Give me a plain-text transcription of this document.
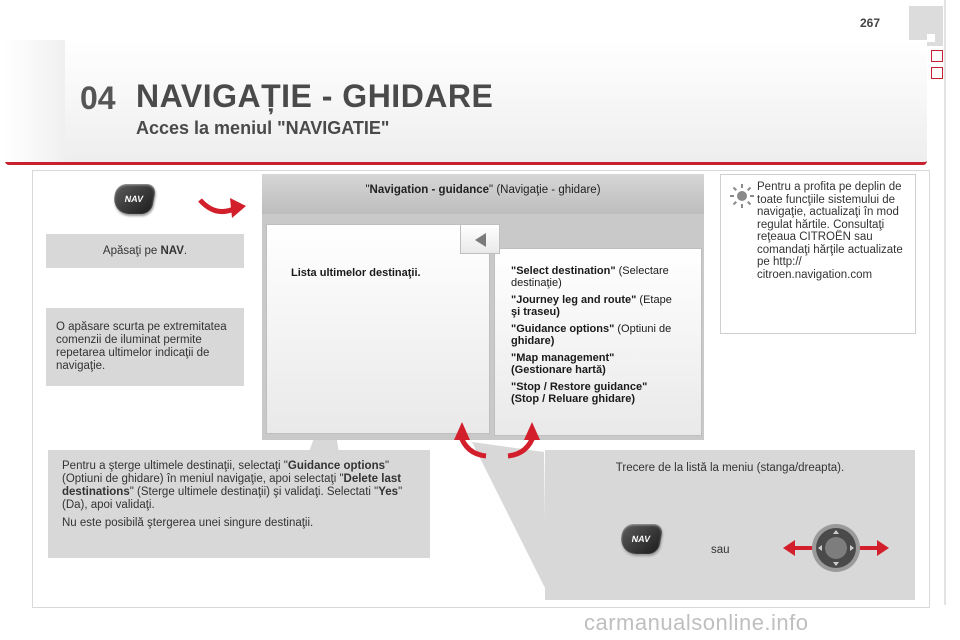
267
04 NAVIGAȚIE - GHIDARE
Acces la meniul "NAVIGATIE"
NAV
Apăsaţi pe NAV.
O apăsare scurta pe extremitatea comenzii de iluminat permite repetarea ultimelor indicaţii de navigaţie.
"Navigation - guidance" (Navigaţie - ghidare)
Lista ultimelor destinaţii.	"Select destination" (Selectare
destinaţie)
"Journey leg and route" (Etape
şi traseu)
"Guidance options" (Optiuni de
ghidare)
"Map management"
(Gestionare hartă)
"Stop / Restore guidance"
(Stop / Reluare ghidare)
Pentru a profita pe deplin de toate funcţiile sistemului de navigaţie, actualizaţi în mod regulat hărtile. Consultaţi reţeaua CITROËN sau comandaţi hărţile actualizate pe http:// citroen.navigation.com
Pentru a şterge ultimele destinaţii, selectaţi "Guidance options" (Optiuni de ghidare) în meniul navigaţie, apoi selectaţi "Delete last destinations" (Sterge ultimele destinaţii) şi validaţi. Selectati "Yes" (Da), apoi validaţi.
Nu este posibilă ştergerea unei singure destinaţii.
Trecere de la listă la meniu (stanga/dreapta).
NAV
sau
carmanualsonline.info
